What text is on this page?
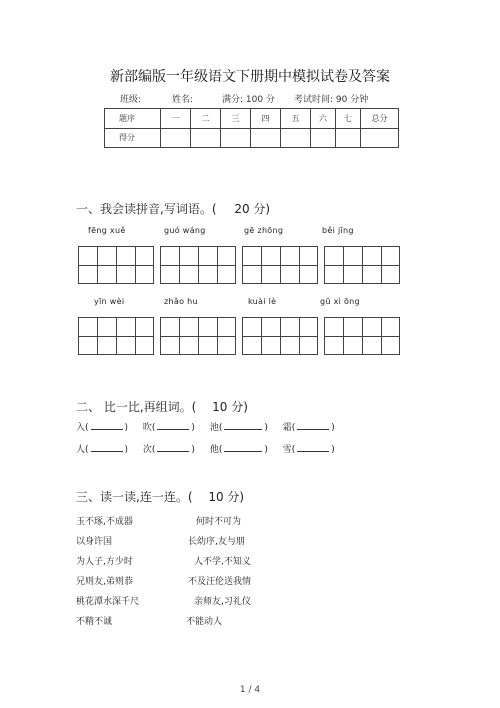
新部编版一年级语文下册期中模拟试卷及答案
班级:	姓名:	满分: 100 分 考试时间: 90 分钟
题序	一	二	三	四	五	六	七	总分
得分								
一、我会读拼音,写词语。( 20 分)
fēng xuě	guó wáng	gē zhōng	běi jīng
yīn wèi	zhǎo hu	kuài lè	gū xì ōng
二、 比一比,再组词。( 10 分)
入(	) 吹(	) 池(	) 霜(	)
人(	) 次(	) 他(	) 雪(	)
三、读一读,连一连。( 10 分)
玉不琢,不成器
以身许国
为人子,方少时
兄则友,弟则恭
桃花潭水深千尺
不精不诚
何时不可为
长幼序,友与朋
人不学,不知义
不及汪伦送我情
亲师友,习礼仪
不能动人
1 / 4
